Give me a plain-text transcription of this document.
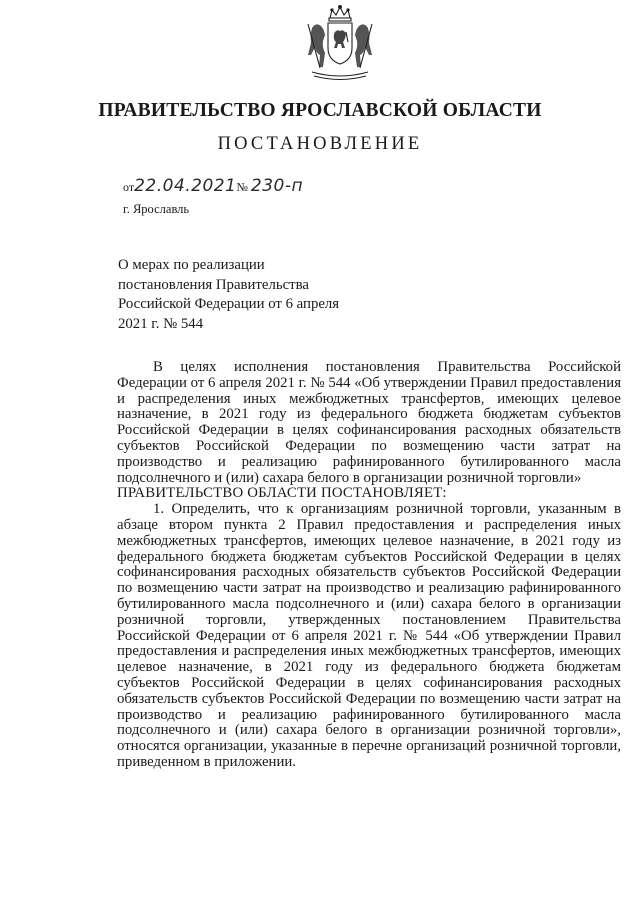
ПРАВИТЕЛЬСТВО ЯРОСЛАВСКОЙ ОБЛАСТИ
ПОСТАНОВЛЕНИЕ
от22.04.2021№ 230-п
г. Ярославль
О мерах по реализации
постановления Правительства
Российской Федерации от 6 апреля
2021 г. № 544

В целях исполнения постановления Правительства Российской Федерации от 6 апреля 2021 г. № 544 «Об утверждении Правил предоставления и распределения иных межбюджетных трансфертов, имеющих целевое назначение, в 2021 году из федерального бюджета бюджетам субъектов Российской Федерации в целях софинансирования расходных обязательств субъектов Российской Федерации по возмещению части затрат на производство и реализацию рафинированного бутилированного масла подсолнечного и (или) сахара белого в организации розничной торговли»

ПРАВИТЕЛЬСТВО ОБЛАСТИ ПОСТАНОВЛЯЕТ:

1. Определить, что к организациям розничной торговли, указанным в абзаце втором пункта 2 Правил предоставления и распределения иных межбюджетных трансфертов, имеющих целевое назначение, в 2021 году из федерального бюджета бюджетам субъектов Российской Федерации в целях софинансирования расходных обязательств субъектов Российской Федерации по возмещению части затрат на производство и реализацию рафинированного бутилированного масла подсолнечного и (или) сахара белого в организации розничной торговли, утвержденных постановлением Правительства Российской Федерации от 6 апреля 2021 г. № 544 «Об утверждении Правил предоставления и распределения иных межбюджетных трансфертов, имеющих целевое назначение, в 2021 году из федерального бюджета бюджетам субъектов Российской Федерации в целях софинансирования расходных обязательств субъектов Российской Федерации по возмещению части затрат на производство и реализацию рафинированного бутилированного масла подсолнечного и (или) сахара белого в организации розничной торговли», относятся организации, указанные в перечне организаций розничной торговли, приведенном в приложении.
